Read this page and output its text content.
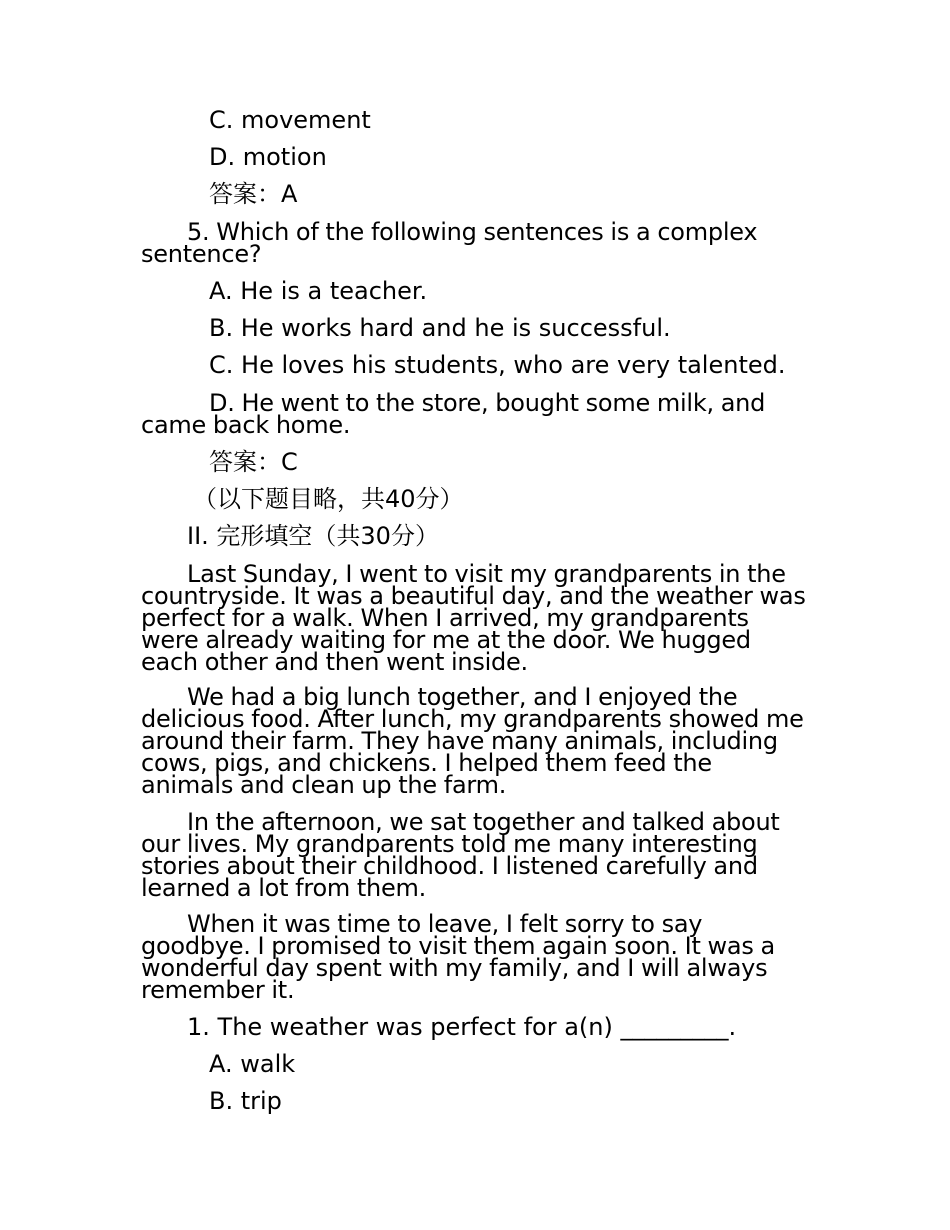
C. movement
D. motion
答案：A
5. Which of the following sentences is a complex sentence?
A. He is a teacher.
B. He works hard and he is successful.
C. He loves his students, who are very talented.
D. He went to the store, bought some milk, and came back home.
答案：C
（以下题目略，共40分）
II. 完形填空（共30分）
Last Sunday, I went to visit my grandparents in the countryside. It was a beautiful day, and the weather was perfect for a walk. When I arrived, my grandparents were already waiting for me at the door. We hugged each other and then went inside.
We had a big lunch together, and I enjoyed the delicious food. After lunch, my grandparents showed me around their farm. They have many animals, including cows, pigs, and chickens. I helped them feed the animals and clean up the farm.
In the afternoon, we sat together and talked about our lives. My grandparents told me many interesting stories about their childhood. I listened carefully and learned a lot from them.
When it was time to leave, I felt sorry to say goodbye. I promised to visit them again soon. It was a wonderful day spent with my family, and I will always remember it.
1. The weather was perfect for a(n) _________.
A. walk
B. trip
